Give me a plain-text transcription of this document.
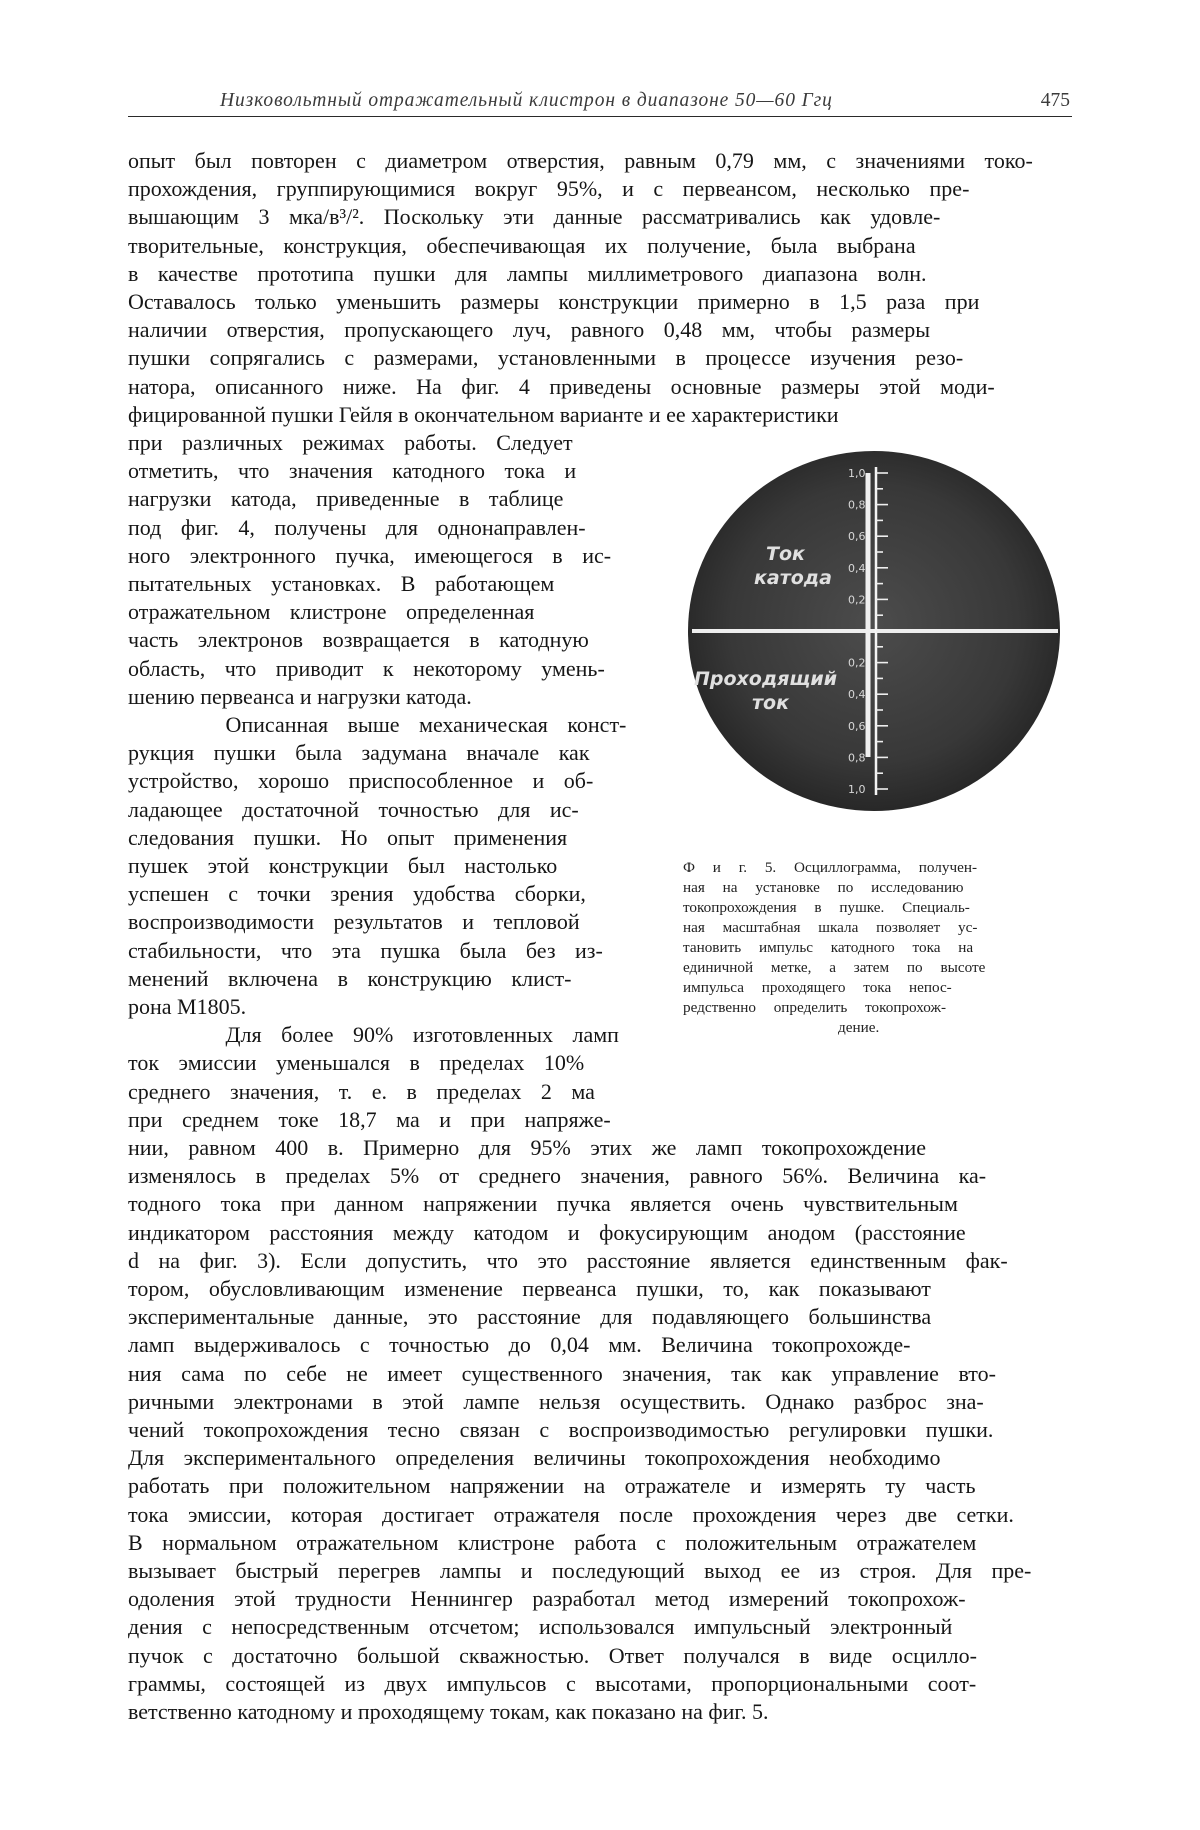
Низковольтный отражательный клистрон в диапазоне 50—60 Ггц	475
опыт был повторен с диаметром отверстия, равным 0,79 мм, с значениями токо-
прохождения, группирующимися вокруг 95%, и с первеансом, несколько пре-
вышающим 3 мка/в³/². Поскольку эти данные рассматривались как удовле-
творительные, конструкция, обеспечивающая их получение, была выбрана
в качестве прототипа пушки для лампы миллиметрового диапазона волн.
Оставалось только уменьшить размеры конструкции примерно в 1,5 раза при
наличии отверстия, пропускающего луч, равного 0,48 мм, чтобы размеры
пушки сопрягались с размерами, установленными в процессе изучения резо-
натора, описанного ниже. На фиг. 4 приведены основные размеры этой моди-
фицированной пушки Гейля в окончательном варианте и ее характеристики
при различных режимах работы. Следует
отметить, что значения катодного тока и
нагрузки катода, приведенные в таблице
под фиг. 4, получены для однонаправлен-
ного электронного пучка, имеющегося в ис-
пытательных установках. В работающем
отражательном клистроне определенная
часть электронов возвращается в катодную
область, что приводит к некоторому умень-
шению первеанса и нагрузки катода.
Описанная выше механическая конст-
рукция пушки была задумана вначале как
устройство, хорошо приспособленное и об-
ладающее достаточной точностью для ис-
следования пушки. Но опыт применения
пушек этой конструкции был настолько
успешен с точки зрения удобства сборки,
воспроизводимости результатов и тепловой
стабильности, что эта пушка была без из-
менений включена в конструкцию клист-
рона M1805.
Для более 90% изготовленных ламп
ток эмиссии уменьшался в пределах 10%
среднего значения, т. е. в пределах 2 ма
при среднем токе 18,7 ма и при напряже-
нии, равном 400 в. Примерно для 95% этих же ламп токопрохождение
изменялось в пределах 5% от среднего значения, равного 56%. Величина ка-
тодного тока при данном напряжении пучка является очень чувствительным
индикатором расстояния между катодом и фокусирующим анодом (расстояние
d на фиг. 3). Если допустить, что это расстояние является единственным фак-
тором, обусловливающим изменение первеанса пушки, то, как показывают
экспериментальные данные, это расстояние для подавляющего большинства
ламп выдерживалось с точностью до 0,04 мм. Величина токопрохожде-
ния сама по себе не имеет существенного значения, так как управление вто-
ричными электронами в этой лампе нельзя осуществить. Однако разброс зна-
чений токопрохождения тесно связан с воспроизводимостью регулировки пушки.
Для экспериментального определения величины токопрохождения необходимо
работать при положительном напряжении на отражателе и измерять ту часть
тока эмиссии, которая достигает отражателя после прохождения через две сетки.
В нормальном отражательном клистроне работа с положительным отражателем
вызывает быстрый перегрев лампы и последующий выход ее из строя. Для пре-
одоления этой трудности Неннингер разработал метод измерений токопрохож-
дения с непосредственным отсчетом; использовался импульсный электронный
пучок с достаточно большой скважностью. Ответ получался в виде осцилло-
граммы, состоящей из двух импульсов с высотами, пропорциональными соот-
ветственно катодному и проходящему токам, как показано на фиг. 5.
1,0
0,8
0,6
0,4
0,2
0,2
0,4
0,6
0,8
1,0
Ток
катода
Проходящий
ток
Ф и г. 5. Осциллограмма, получен-
ная на установке по исследованию
токопрохождения в пушке. Специаль-
ная масштабная шкала позволяет ус-
тановить импульс катодного тока на
единичной метке, а затем по высоте
импульса проходящего тока непос-
редственно определить токопрохож-
дение.
